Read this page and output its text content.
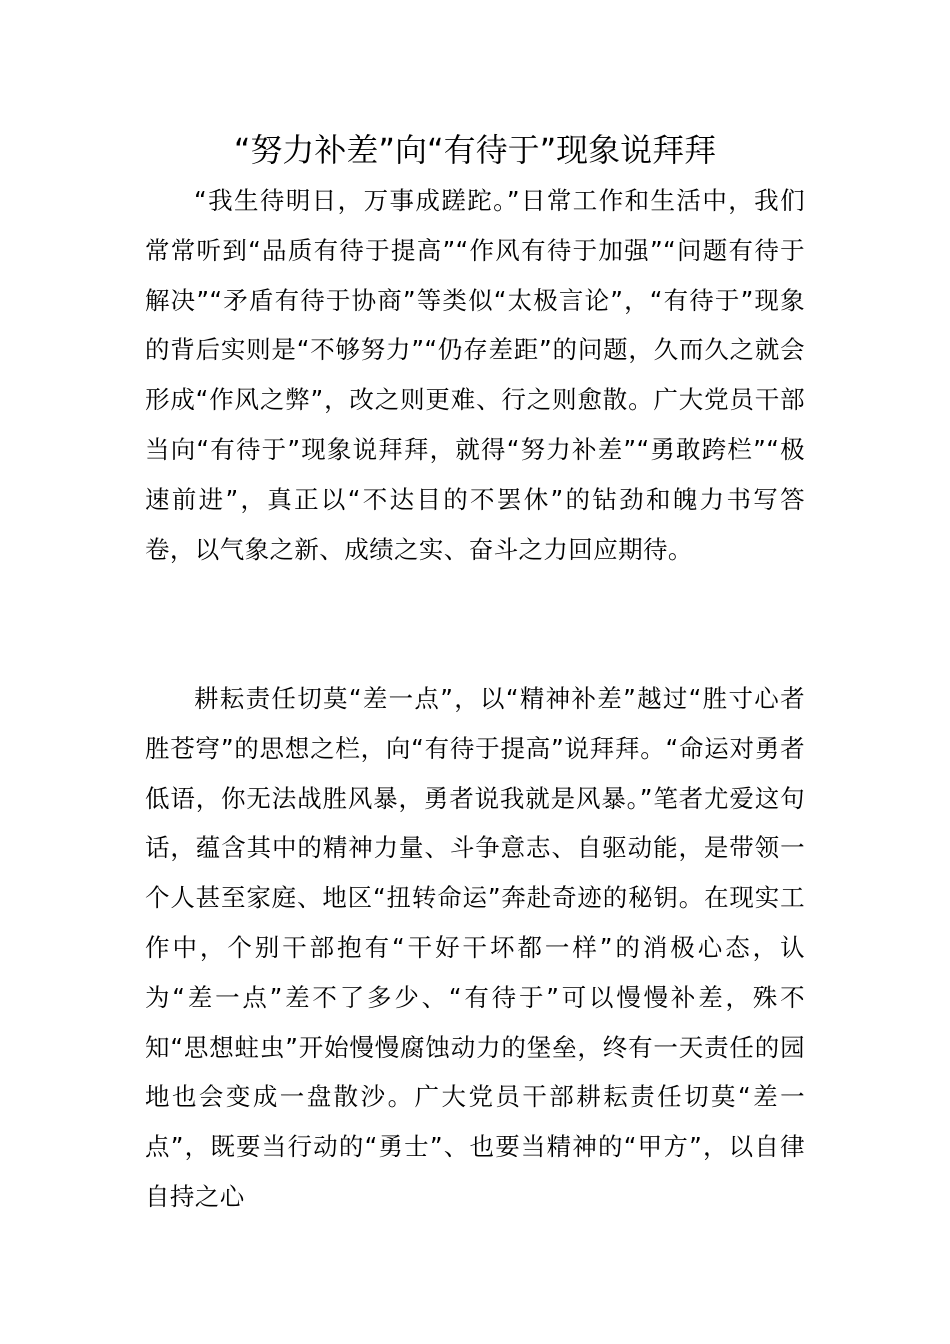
“努力补差”向“有待于”现象说拜拜

“我生待明日，万事成蹉跎。”日常工作和生活中，我们常常听到“品质有待于提高”“作风有待于加强”“问题有待于解决”“矛盾有待于协商”等类似“太极言论”，“有待于”现象的背后实则是“不够努力”“仍存差距”的问题，久而久之就会形成“作风之弊”，改之则更难、行之则愈散。广大党员干部当向“有待于”现象说拜拜，就得“努力补差”“勇敢跨栏”“极速前进”，真正以“不达目的不罢休”的钻劲和魄力书写答卷，以气象之新、成绩之实、奋斗之力回应期待。

耕耘责任切莫“差一点”，以“精神补差”越过“胜寸心者胜苍穹”的思想之栏，向“有待于提高”说拜拜。“命运对勇者低语，你无法战胜风暴，勇者说我就是风暴。”笔者尤爱这句话，蕴含其中的精神力量、斗争意志、自驱动能，是带领一个人甚至家庭、地区“扭转命运”奔赴奇迹的秘钥。在现实工作中，个别干部抱有“干好干坏都一样”的消极心态，认为“差一点”差不了多少、“有待于”可以慢慢补差，殊不知“思想蛀虫”开始慢慢腐蚀动力的堡垒，终有一天责任的园地也会变成一盘散沙。广大党员干部耕耘责任切莫“差一点”，既要当行动的“勇士”、也要当精神的“甲方”，以自律自持之心
